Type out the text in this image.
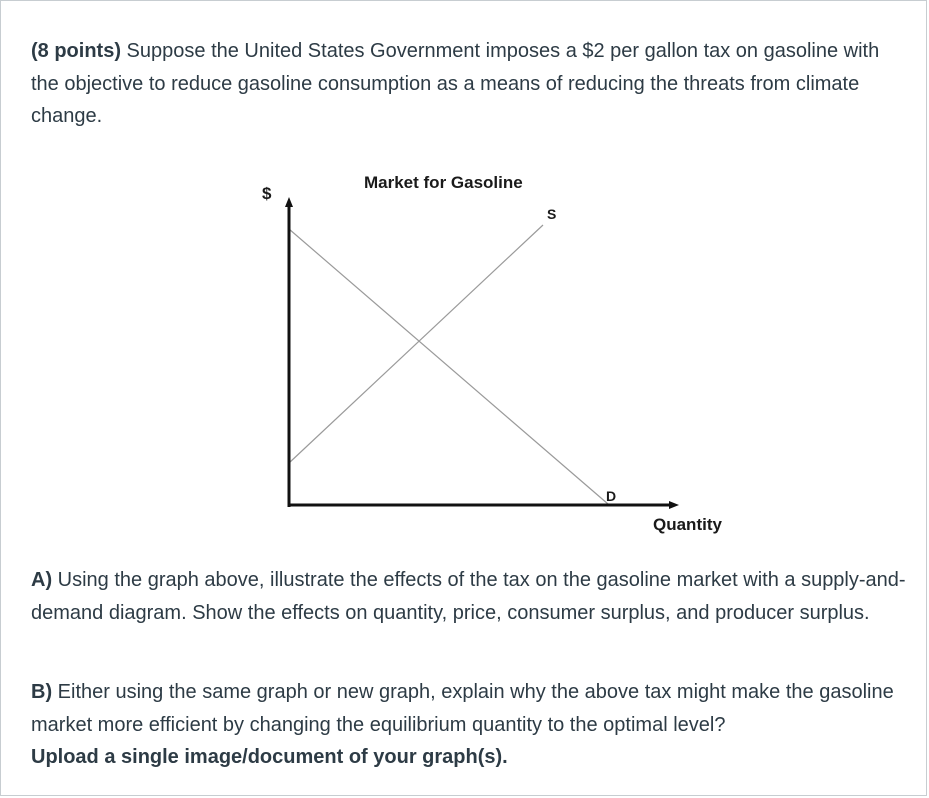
(8 points) Suppose the United States Government imposes a $2 per gallon tax on gasoline with the objective to reduce gasoline consumption as a means of reducing the threats from climate change.

Market for Gasoline
$
Quantity
S
D

A) Using the graph above, illustrate the effects of the tax on the gasoline market with a supply-and-demand diagram. Show the effects on quantity, price, consumer surplus, and producer surplus.

B) Either using the same graph or new graph, explain why the above tax might make the gasoline market more efficient by changing the equilibrium quantity to the optimal level?
Upload a single image/document of your graph(s).
